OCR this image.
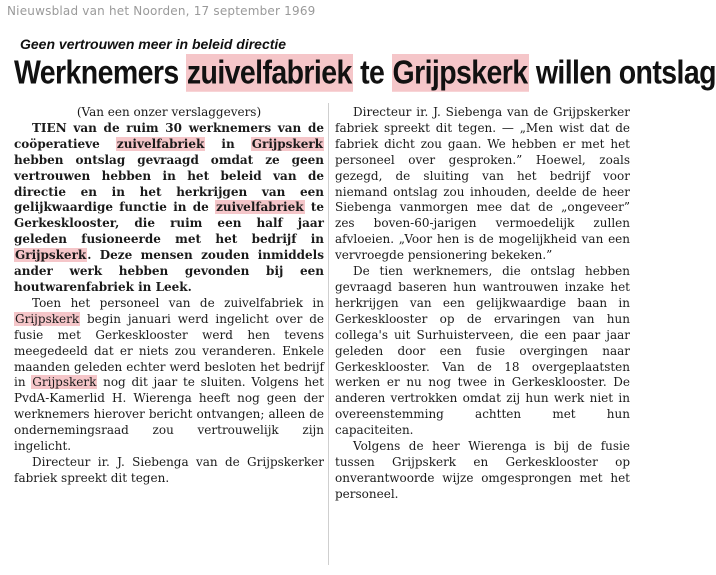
Nieuwsblad van het Noorden, 17 september 1969
Geen vertrouwen meer in beleid directie
Werknemers zuivelfabriek te Grijpskerk willen ontslag

(Van een onzer verslaggevers)

TIEN van de ruim 30 werknemers van de coöperatieve zuivelfabriek in Grijpskerk hebben ontslag gevraagd omdat ze geen vertrouwen hebben in het beleid van de directie en in het herkrijgen van een gelijkwaardige functie in de zuivelfabriek te Gerkesklooster, die ruim een half jaar geleden fusioneerde met het bedrijf in Grijpskerk. Deze mensen zouden inmiddels ander werk hebben gevonden bij een houtwarenfabriek in Leek.

Toen het personeel van de zuivelfabriek in Grijpskerk begin januari werd ingelicht over de fusie met Gerkesklooster werd hen tevens meegedeeld dat er niets zou veranderen. Enkele maanden geleden echter werd besloten het bedrijf in Grijpskerk nog dit jaar te sluiten. Volgens het PvdA-Kamerlid H. Wierenga heeft nog geen der werknemers hierover bericht ontvangen; alleen de ondernemingsraad zou vertrouwelijk zijn ingelicht.

Directeur ir. J. Siebenga van de Grijpskerker fabriek spreekt dit tegen.

Directeur ir. J. Siebenga van de Grijpskerker fabriek spreekt dit tegen. — „Men wist dat de fabriek dicht zou gaan. We hebben er met het personeel over gesproken.” Hoewel, zoals gezegd, de sluiting van het bedrijf voor niemand ontslag zou inhouden, deelde de heer Siebenga vanmorgen mee dat de „ongeveer” zes boven-60-jarigen vermoedelijk zullen afvloeien. „Voor hen is de mogelijkheid van een vervroegde pensionering bekeken.”

De tien werknemers, die ontslag hebben gevraagd baseren hun wantrouwen inzake het herkrijgen van een gelijkwaardige baan in Gerkesklooster op de ervaringen van hun collega's uit Surhuisterveen, die een paar jaar geleden door een fusie overgingen naar Gerkesklooster. Van de 18 overgeplaatsten werken er nu nog twee in Gerkesklooster. De anderen vertrokken omdat zij hun werk niet in overeenstemming achtten met hun capaciteiten.

Volgens de heer Wierenga is bij de fusie tussen Grijpskerk en Gerkesklooster op onverantwoorde wijze omgesprongen met het personeel.
